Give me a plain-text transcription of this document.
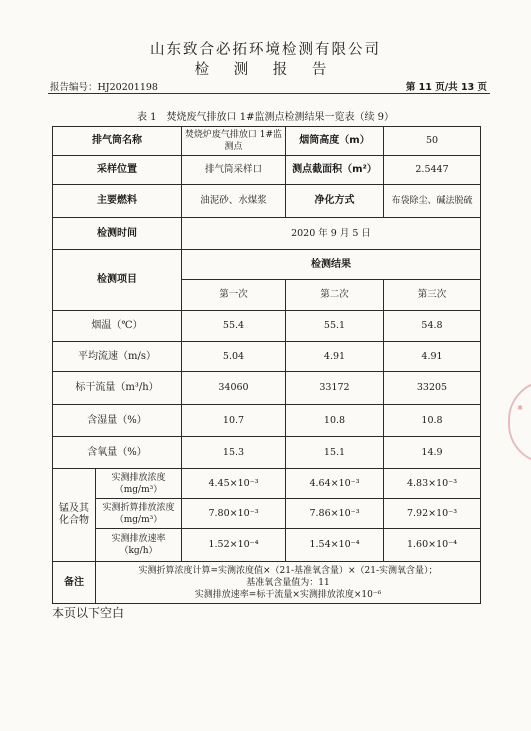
山东致合必拓环境检测有限公司
检 测 报 告
报告编号：HJ20201198	第 11 页/共 13 页
表 1　焚烧废气排放口 1#监测点检测结果一览表（续 9）
排气筒名称		焚烧炉废气排放口 1#监测点	烟筒高度（m）	50
采样位置		排气筒采样口	测点截面积（m²）	2.5447
主要燃料		油泥砂、水煤浆	净化方式	布袋除尘、碱法脱硫
检测时间		2020 年 9 月 5 日		
检测项目		检测结果		
		第一次	第二次	第三次
烟温（℃）		55.4	55.1	54.8
平均流速（m/s）		5.04	4.91	4.91
标干流量（m³/h）		34060	33172	33205
含湿量（%）		10.7	10.8	10.8
含氧量（%）		15.3	15.1	14.9
锰及其化合物	实测排放浓度（mg/m³）	4.45×10⁻³	4.64×10⁻³	4.83×10⁻³
	实测折算排放浓度（mg/m³）	7.80×10⁻³	7.86×10⁻³	7.92×10⁻³
	实测排放速率（kg/h）	1.52×10⁻⁴	1.54×10⁻⁴	1.60×10⁻⁴
备注	实测折算浓度计算=实测浓度值×（21-基准氧含量）×（21-实测氧含量）；
基准氧含量值为：11
实测排放速率=标干流量×实测排放浓度×10⁻⁶			
本页以下空白
✱
